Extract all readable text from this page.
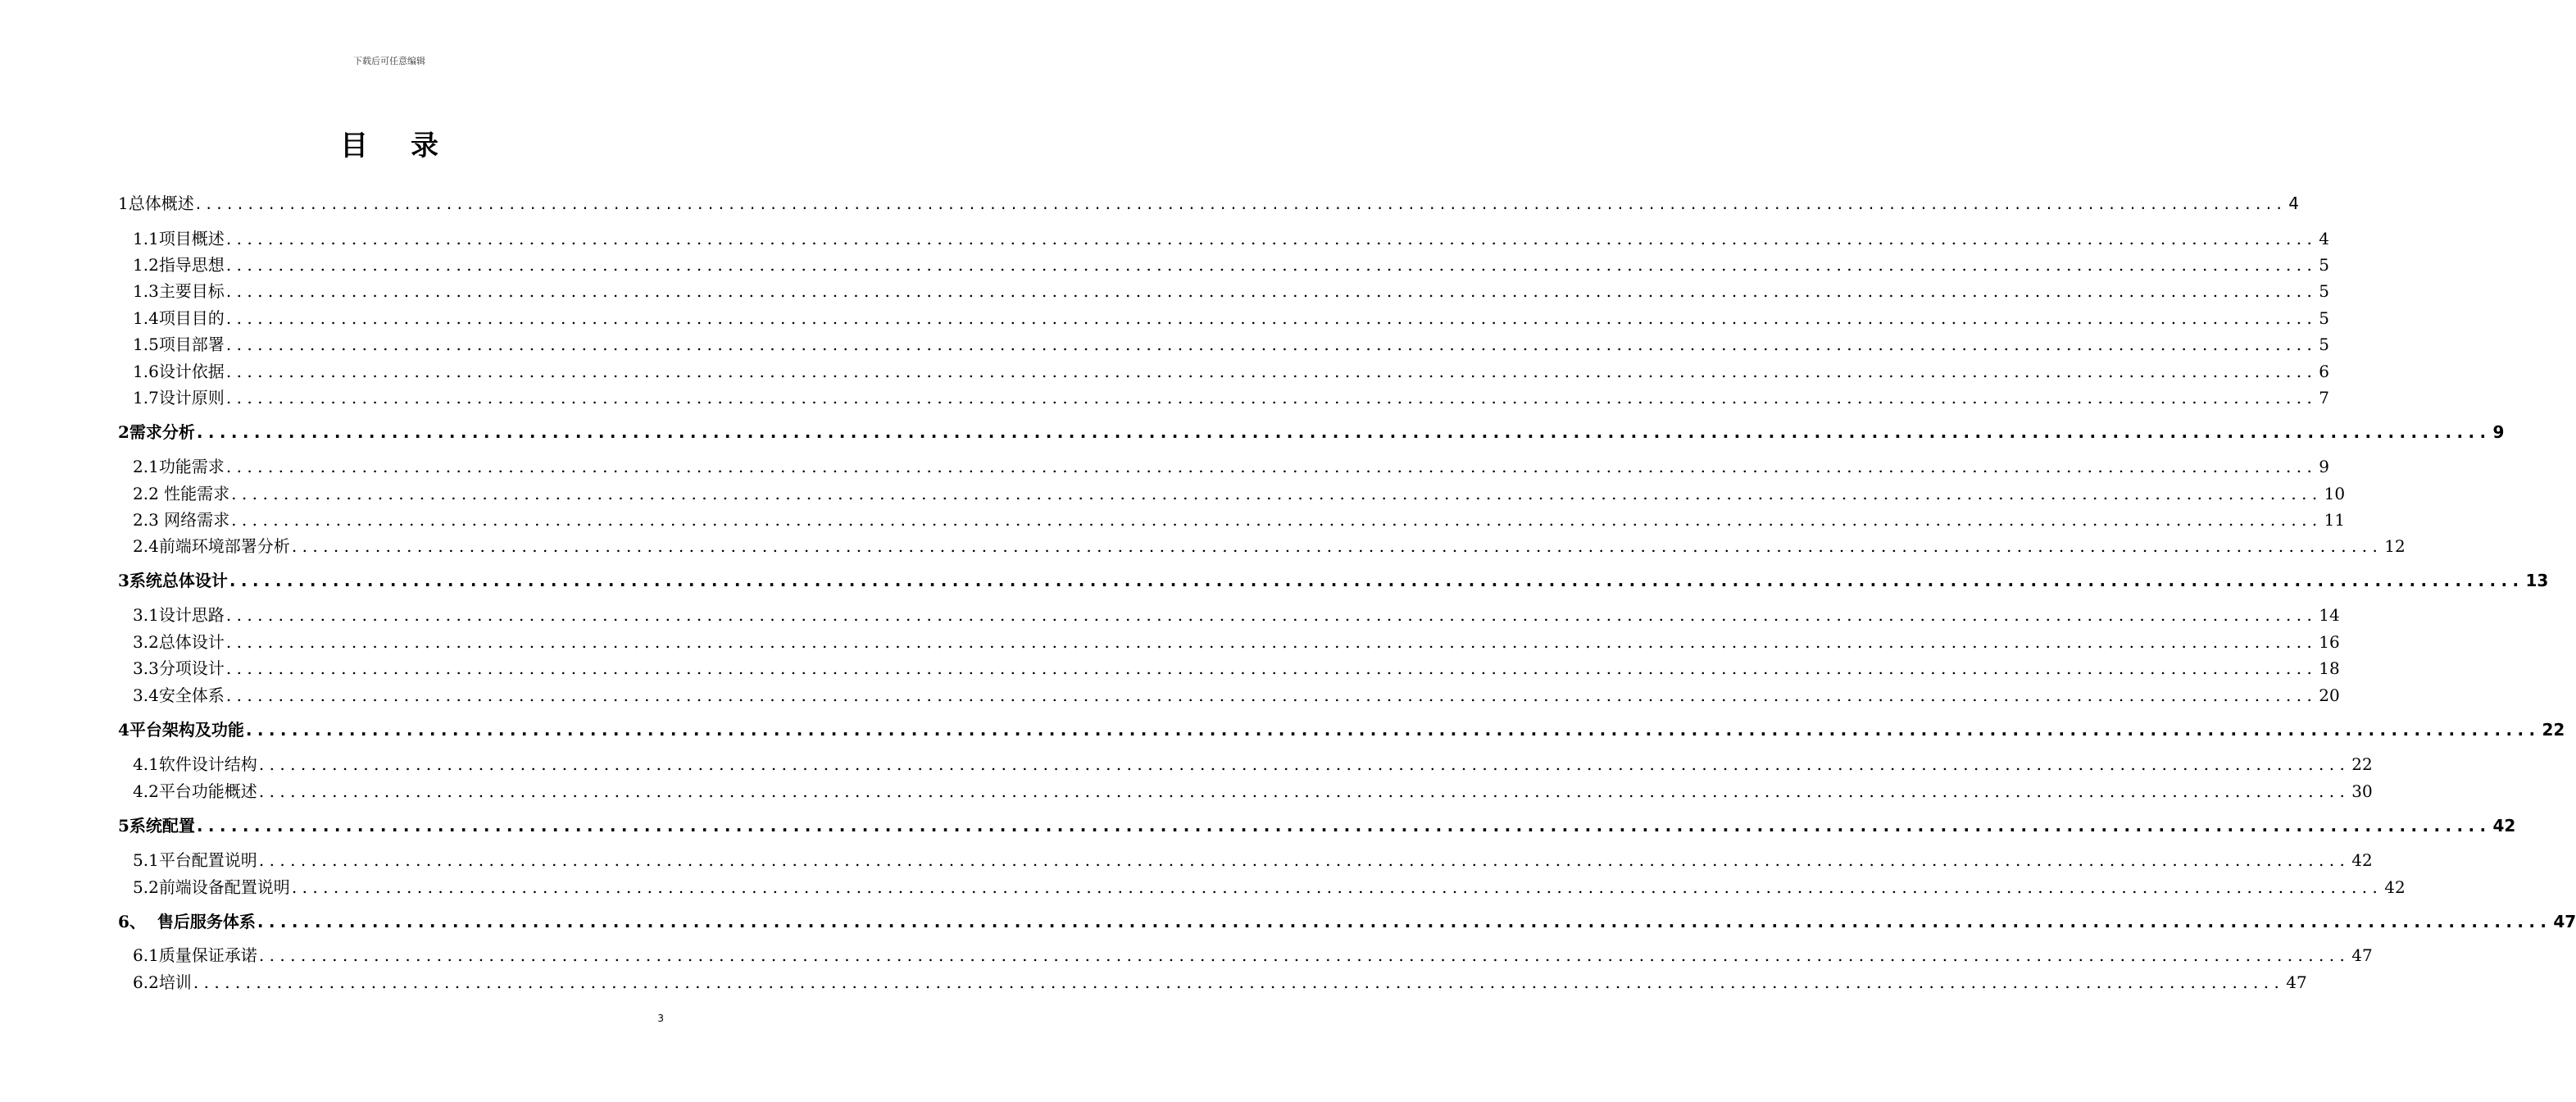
下载后可任意编辑
目 录
1总体概述 ........................................................................................................................................................................................................ 4
1.1项目概述 ........................................................................................................................................................................................................ 4
1.2指导思想 ........................................................................................................................................................................................................ 5
1.3主要目标 ........................................................................................................................................................................................................ 5
1.4项目目的 ........................................................................................................................................................................................................ 5
1.5项目部署 ........................................................................................................................................................................................................ 5
1.6设计依据 ........................................................................................................................................................................................................ 6
1.7设计原则 ........................................................................................................................................................................................................ 7
2需求分析 ........................................................................................................................................................................................................ 9
2.1功能需求 ........................................................................................................................................................................................................ 9
2.2 性能需求 ........................................................................................................................................................................................................ 10
2.3 网络需求 ........................................................................................................................................................................................................ 11
2.4前端环境部署分析 ........................................................................................................................................................................................................ 12
3系统总体设计 ........................................................................................................................................................................................................ 13
3.1设计思路 ........................................................................................................................................................................................................ 14
3.2总体设计 ........................................................................................................................................................................................................ 16
3.3分项设计 ........................................................................................................................................................................................................ 18
3.4安全体系 ........................................................................................................................................................................................................ 20
4平台架构及功能 ........................................................................................................................................................................................................ 22
4.1软件设计结构 ........................................................................................................................................................................................................ 22
4.2平台功能概述 ........................................................................................................................................................................................................ 30
5系统配置 ........................................................................................................................................................................................................ 42
5.1平台配置说明 ........................................................................................................................................................................................................ 42
5.2前端设备配置说明 ........................................................................................................................................................................................................ 42
6、  售后服务体系 ........................................................................................................................................................................................................ 47
6.1质量保证承诺 ........................................................................................................................................................................................................ 47
6.2培训 ........................................................................................................................................................................................................ 47
3
